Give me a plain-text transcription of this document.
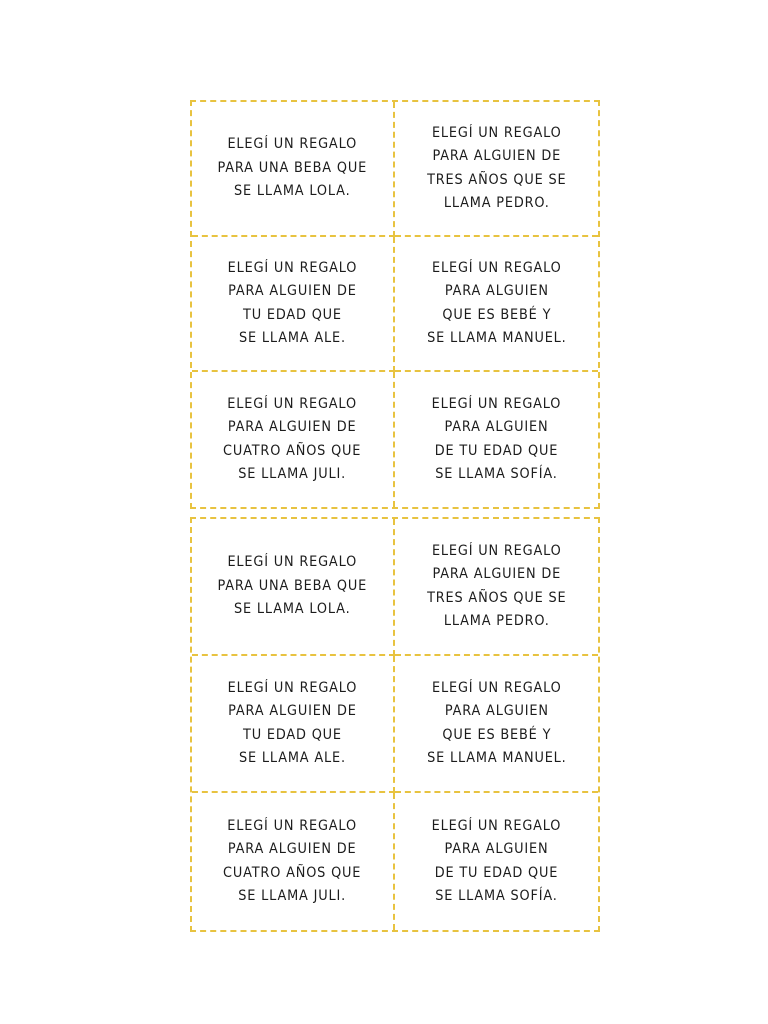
ELEGÍ UN REGALO
PARA UNA BEBA QUE
SE LLAMA LOLA.

ELEGÍ UN REGALO
PARA ALGUIEN DE
TRES AÑOS QUE SE
LLAMA PEDRO.

ELEGÍ UN REGALO
PARA ALGUIEN DE
TU EDAD QUE
SE LLAMA ALE.

ELEGÍ UN REGALO
PARA ALGUIEN
QUE ES BEBÉ Y
SE LLAMA MANUEL.

ELEGÍ UN REGALO
PARA ALGUIEN DE
CUATRO AÑOS QUE
SE LLAMA JULI.

ELEGÍ UN REGALO
PARA ALGUIEN
DE TU EDAD QUE
SE LLAMA SOFÍA.

ELEGÍ UN REGALO
PARA UNA BEBA QUE
SE LLAMA LOLA.

ELEGÍ UN REGALO
PARA ALGUIEN DE
TRES AÑOS QUE SE
LLAMA PEDRO.

ELEGÍ UN REGALO
PARA ALGUIEN DE
TU EDAD QUE
SE LLAMA ALE.

ELEGÍ UN REGALO
PARA ALGUIEN
QUE ES BEBÉ Y
SE LLAMA MANUEL.

ELEGÍ UN REGALO
PARA ALGUIEN DE
CUATRO AÑOS QUE
SE LLAMA JULI.

ELEGÍ UN REGALO
PARA ALGUIEN
DE TU EDAD QUE
SE LLAMA SOFÍA.
